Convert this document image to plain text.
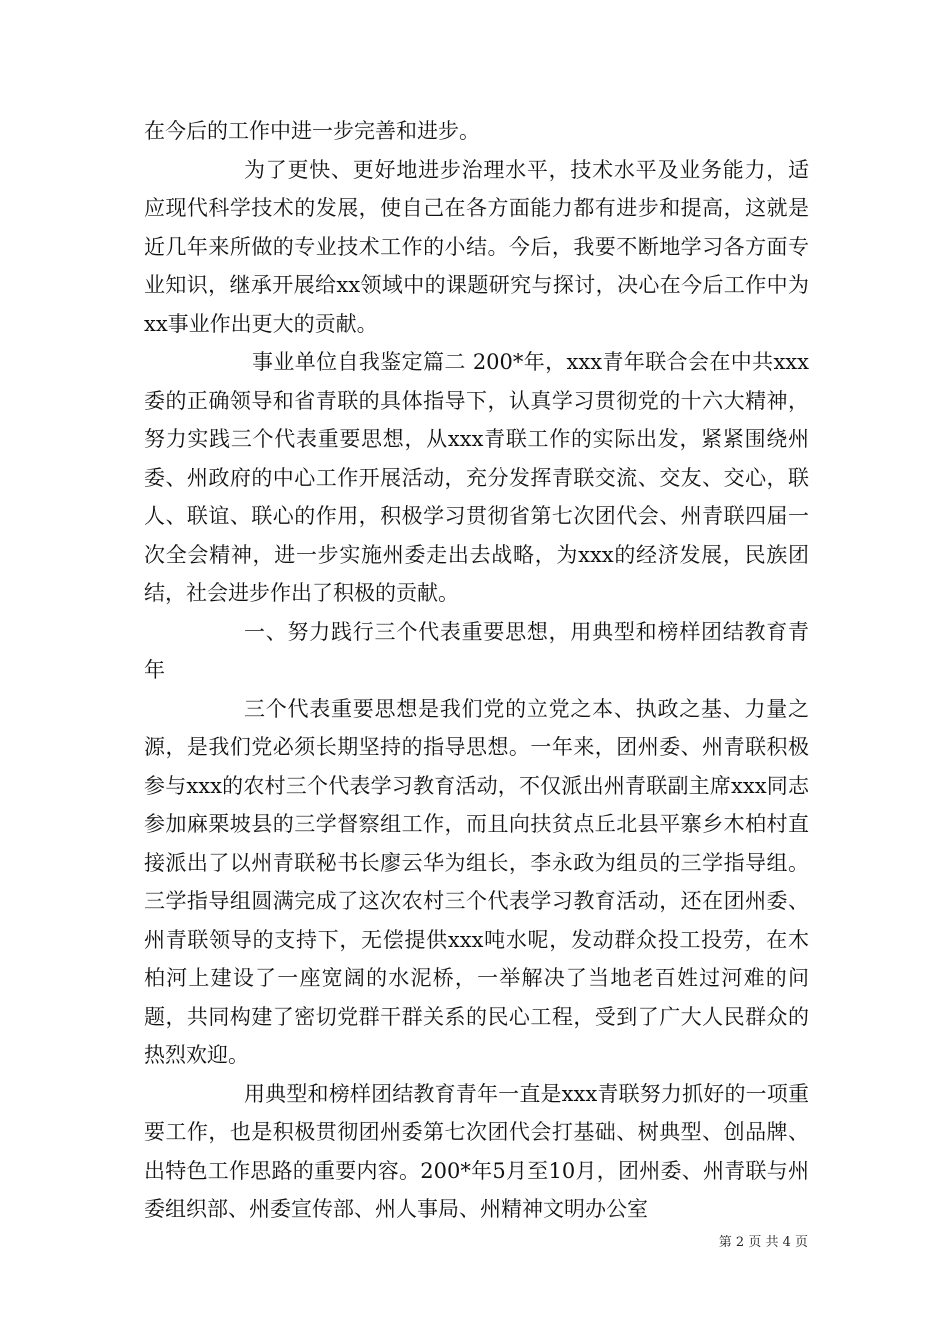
在今后的工作中进一步完善和进步。

为了更快、更好地进步治理水平，技术水平及业务能力，适应现代科学技术的发展，使自己在各方面能力都有进步和提高，这就是近几年来所做的专业技术工作的小结。今后，我要不断地学习各方面专业知识，继承开展给xx领域中的课题研究与探讨，决心在今后工作中为xx事业作出更大的贡献。

事业单位自我鉴定篇二 200*年，xxx青年联合会在中共xxx委的正确领导和省青联的具体指导下，认真学习贯彻党的十六大精神，努力实践三个代表重要思想，从xxx青联工作的实际出发，紧紧围绕州委、州政府的中心工作开展活动，充分发挥青联交流、交友、交心，联人、联谊、联心的作用，积极学习贯彻省第七次团代会、州青联四届一次全会精神，进一步实施州委走出去战略，为xxx的经济发展，民族团结，社会进步作出了积极的贡献。

一、努力践行三个代表重要思想，用典型和榜样团结教育青年

三个代表重要思想是我们党的立党之本、执政之基、力量之源，是我们党必须长期坚持的指导思想。一年来，团州委、州青联积极参与xxx的农村三个代表学习教育活动，不仅派出州青联副主席xxx同志参加麻栗坡县的三学督察组工作，而且向扶贫点丘北县平寨乡木柏村直接派出了以州青联秘书长廖云华为组长，李永政为组员的三学指导组。三学指导组圆满完成了这次农村三个代表学习教育活动，还在团州委、州青联领导的支持下，无偿提供xxx吨水呢，发动群众投工投劳，在木柏河上建设了一座宽阔的水泥桥，一举解决了当地老百姓过河难的问题，共同构建了密切党群干群关系的民心工程，受到了广大人民群众的热烈欢迎。

用典型和榜样团结教育青年一直是xxx青联努力抓好的一项重要工作，也是积极贯彻团州委第七次团代会打基础、树典型、创品牌、出特色工作思路的重要内容。200*年5月至10月，团州委、州青联与州委组织部、州委宣传部、州人事局、州精神文明办公室

第 2 页 共 4 页
